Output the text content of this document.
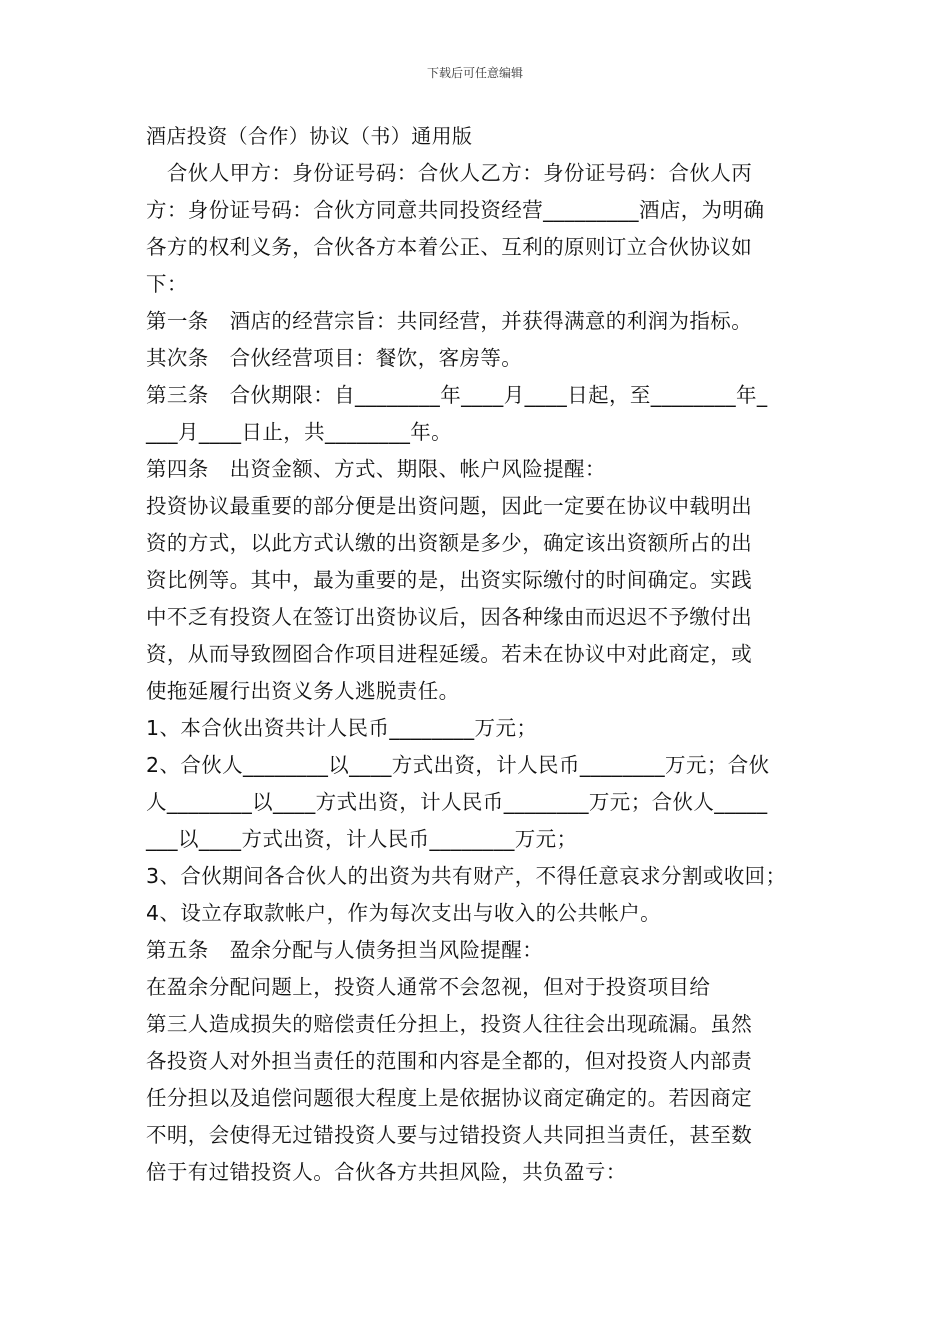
下载后可任意编辑
酒店投资（合作）协议（书）通用版
　合伙人甲方：身份证号码：合伙人乙方：身份证号码：合伙人丙
方：身份证号码：合伙方同意共同投资经营_________酒店，为明确
各方的权利义务，合伙各方本着公正、互利的原则订立合伙协议如
下：
第一条　酒店的经营宗旨：共同经营，并获得满意的利润为指标。
其次条　合伙经营项目：餐饮，客房等。
第三条　合伙期限：自________年____月____日起，至________年_
___月____日止，共________年。
第四条　出资金额、方式、期限、帐户风险提醒：
投资协议最重要的部分便是出资问题，因此一定要在协议中载明出
资的方式，以此方式认缴的出资额是多少，确定该出资额所占的出
资比例等。其中，最为重要的是，出资实际缴付的时间确定。实践
中不乏有投资人在签订出资协议后，因各种缘由而迟迟不予缴付出
资，从而导致囫囵合作项目进程延缓。若未在协议中对此商定，或
使拖延履行出资义务人逃脱责任。
1、本合伙出资共计人民币________万元；
2、合伙人________以____方式出资，计人民币________万元；合伙
人________以____方式出资，计人民币________万元；合伙人_____
___以____方式出资，计人民币________万元；
3、合伙期间各合伙人的出资为共有财产，不得任意哀求分割或收回；
4、设立存取款帐户，作为每次支出与收入的公共帐户。
第五条　盈余分配与人债务担当风险提醒：
在盈余分配问题上，投资人通常不会忽视，但对于投资项目给
第三人造成损失的赔偿责任分担上，投资人往往会出现疏漏。虽然
各投资人对外担当责任的范围和内容是全都的，但对投资人内部责
任分担以及追偿问题很大程度上是依据协议商定确定的。若因商定
不明，会使得无过错投资人要与过错投资人共同担当责任，甚至数
倍于有过错投资人。合伙各方共担风险，共负盈亏：
